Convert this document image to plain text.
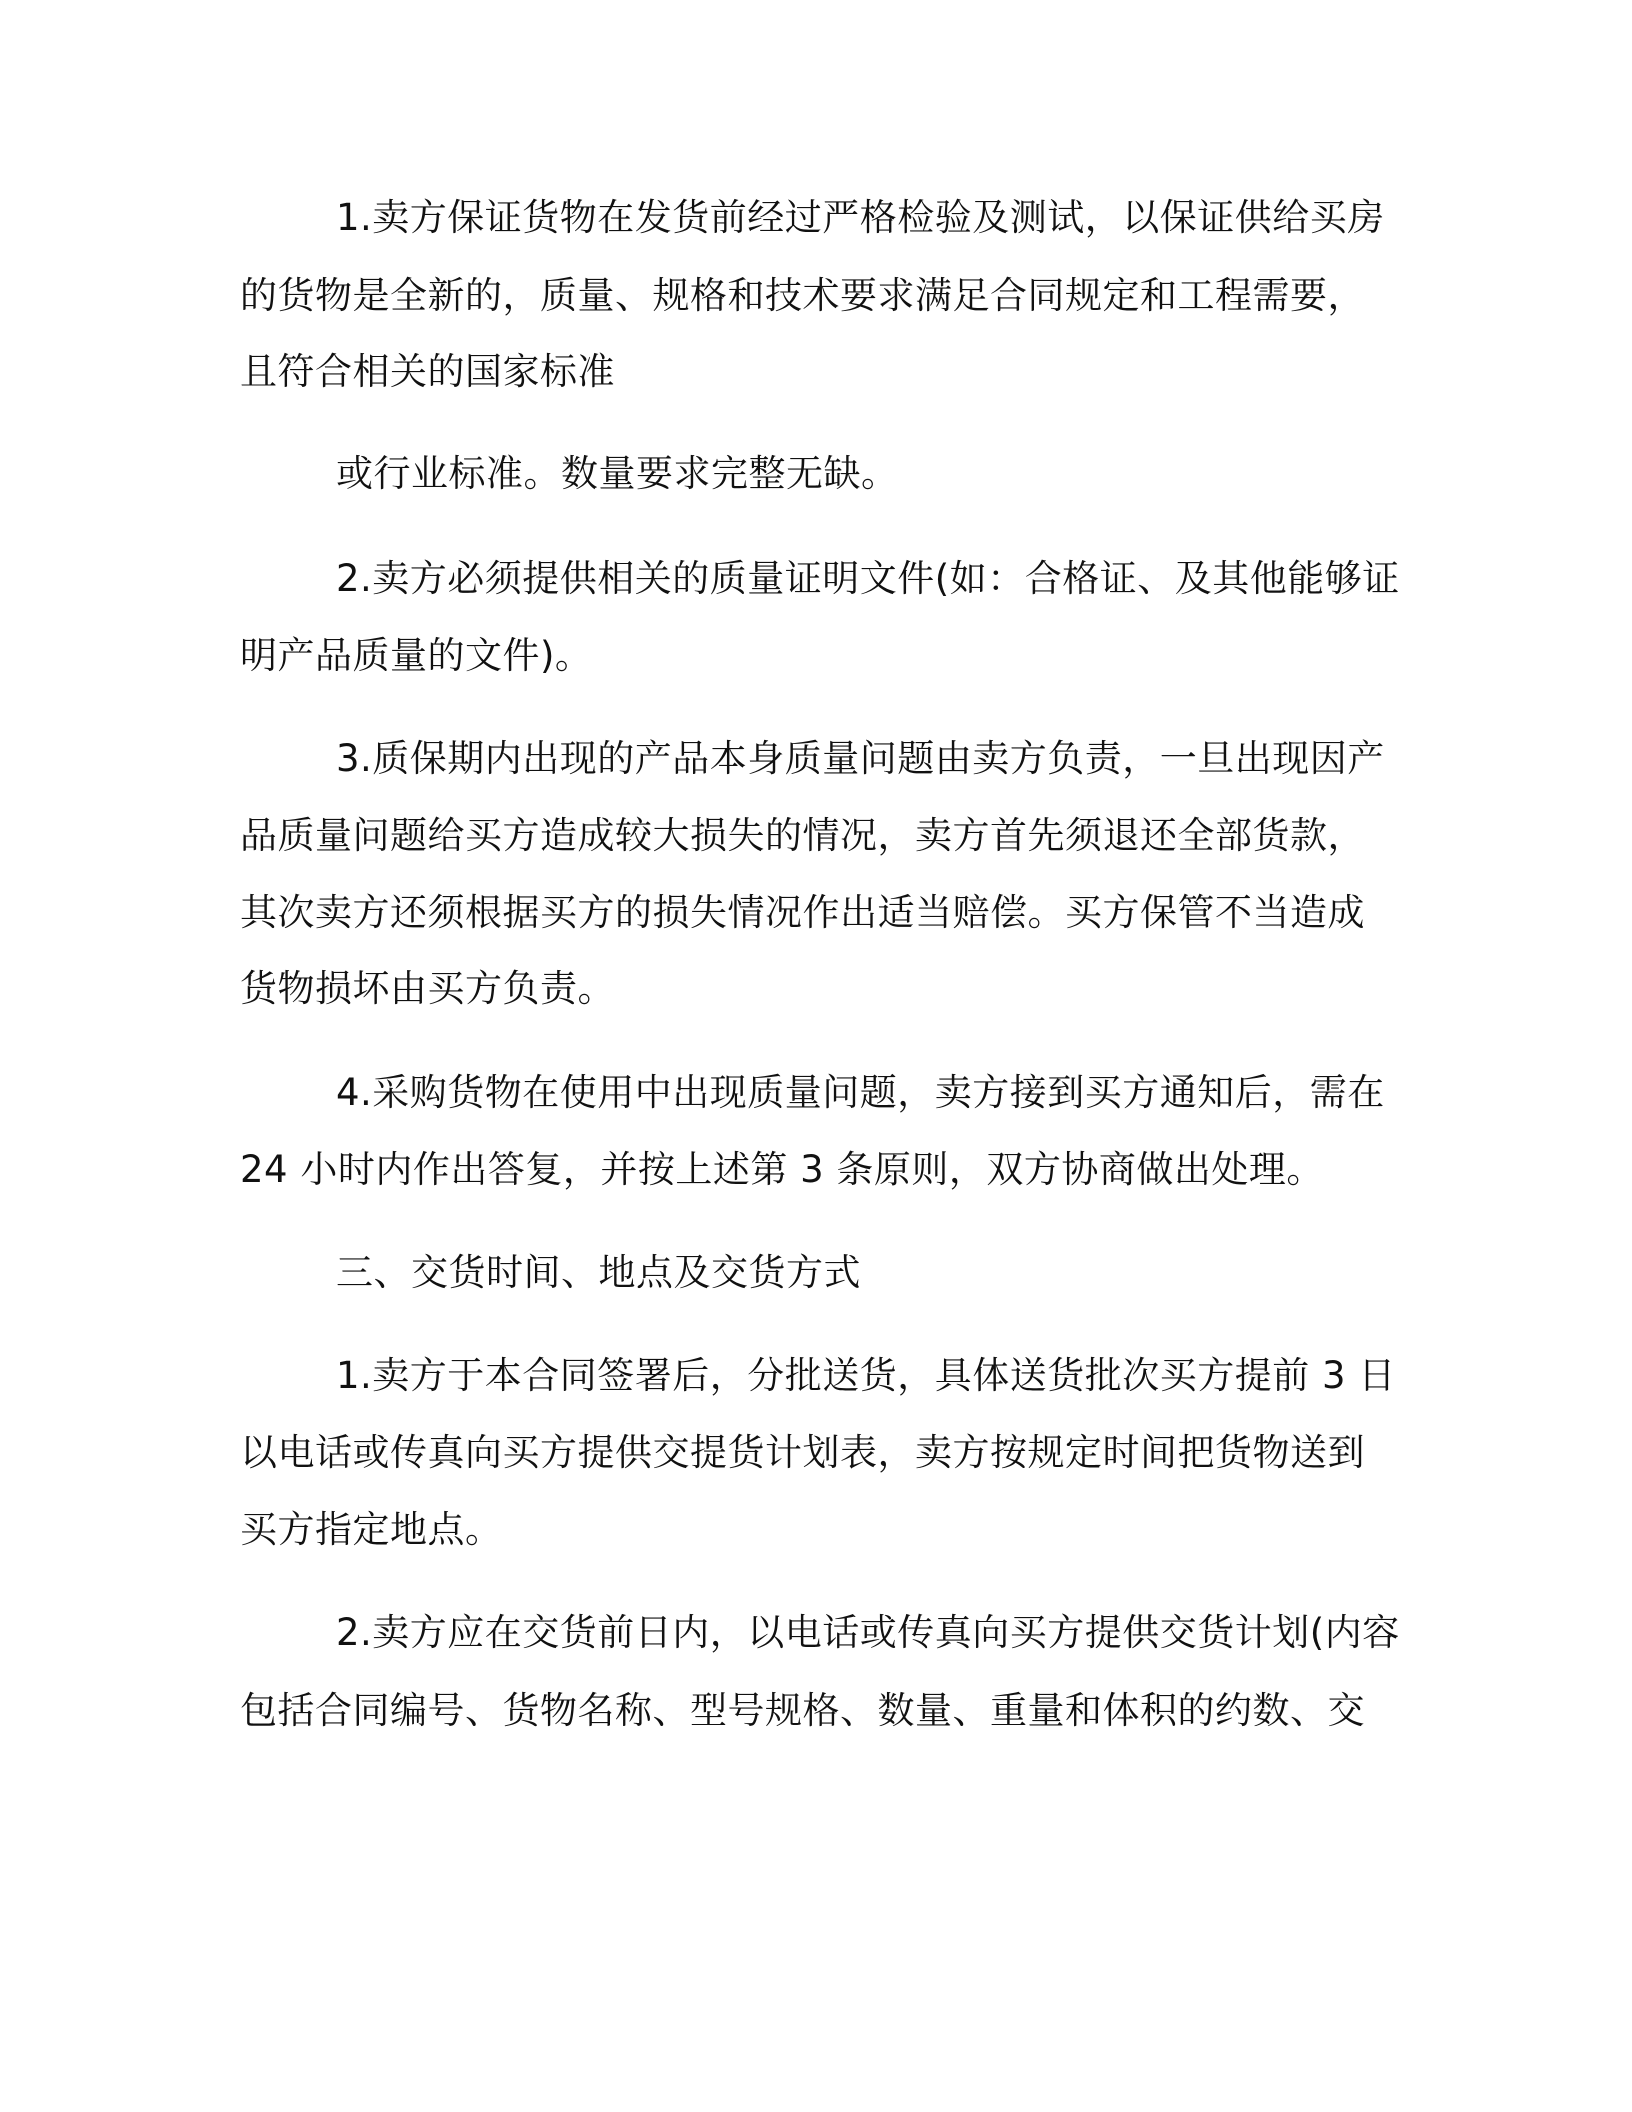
1.卖方保证货物在发货前经过严格检验及测试，以保证供给买房
的货物是全新的，质量、规格和技术要求满足合同规定和工程需要，
且符合相关的国家标准
或行业标准。数量要求完整无缺。
2.卖方必须提供相关的质量证明文件(如：合格证、及其他能够证
明产品质量的文件)。
3.质保期内出现的产品本身质量问题由卖方负责，一旦出现因产
品质量问题给买方造成较大损失的情况，卖方首先须退还全部货款，
其次卖方还须根据买方的损失情况作出适当赔偿。买方保管不当造成
货物损坏由买方负责。
4.采购货物在使用中出现质量问题，卖方接到买方通知后，需在
24 小时内作出答复，并按上述第 3 条原则，双方协商做出处理。
三、交货时间、地点及交货方式
1.卖方于本合同签署后，分批送货，具体送货批次买方提前 3 日
以电话或传真向买方提供交提货计划表，卖方按规定时间把货物送到
买方指定地点。
2.卖方应在交货前日内，以电话或传真向买方提供交货计划(内容
包括合同编号、货物名称、型号规格、数量、重量和体积的约数、交
